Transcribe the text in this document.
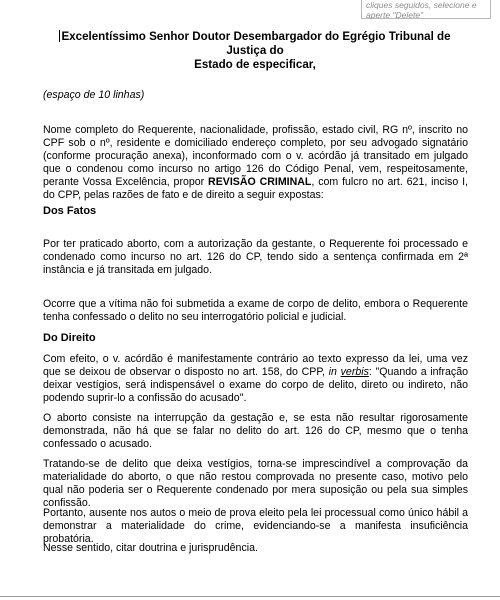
cliques seguidos, selecione e
aperte "Delete"
Excelentíssimo Senhor Doutor Desembargador do Egrégio Tribunal de Justiça do
Estado de especificar,

(espaço de 10 linhas)

Nome completo do Requerente, nacionalidade, profissão, estado civil, RG nº, inscrito no CPF sob o nº, residente e domiciliado endereço completo, por seu advogado signatário (conforme procuração anexa), inconformado com o v. acórdão já transitado em julgado que o condenou como incurso no artigo 126 do Código Penal, vem, respeitosamente, perante Vossa Excelência, propor REVISÃO CRIMINAL, com fulcro no art. 621, inciso I, do CPP, pelas razões de fato e de direito a seguir expostas:

Dos Fatos

Por ter praticado aborto, com a autorização da gestante, o Requerente foi processado e condenado como incurso no art. 126 do CP, tendo sido a sentença confirmada em 2ª instância e já transitada em julgado.

Ocorre que a vítima não foi submetida a exame de corpo de delito, embora o Requerente tenha confessado o delito no seu interrogatório policial e judicial.

Do Direito

Com efeito, o v. acórdão é manifestamente contrário ao texto expresso da lei, uma vez que se deixou de observar o disposto no art. 158, do CPP, in verbis: "Quando a infração deixar vestígios, será indispensável o exame do corpo de delito, direto ou indireto, não podendo suprir-lo a confissão do acusado".

O aborto consiste na interrupção da gestação e, se esta não resultar rigorosamente demonstrada, não há que se falar no delito do art. 126 do CP, mesmo que o tenha confessado o acusado.

Tratando-se de delito que deixa vestígios, torna-se imprescindível a comprovação da materialidade do aborto, o que não restou comprovada no presente caso, motivo pelo qual não poderia ser o Requerente condenado por mera suposição ou pela sua simples confissão.

Portanto, ausente nos autos o meio de prova eleito pela lei processual como único hábil a demonstrar a materialidade do crime, evidenciando-se a manifesta insuficiência probatória.

Nesse sentido, citar doutrina e jurisprudência.
